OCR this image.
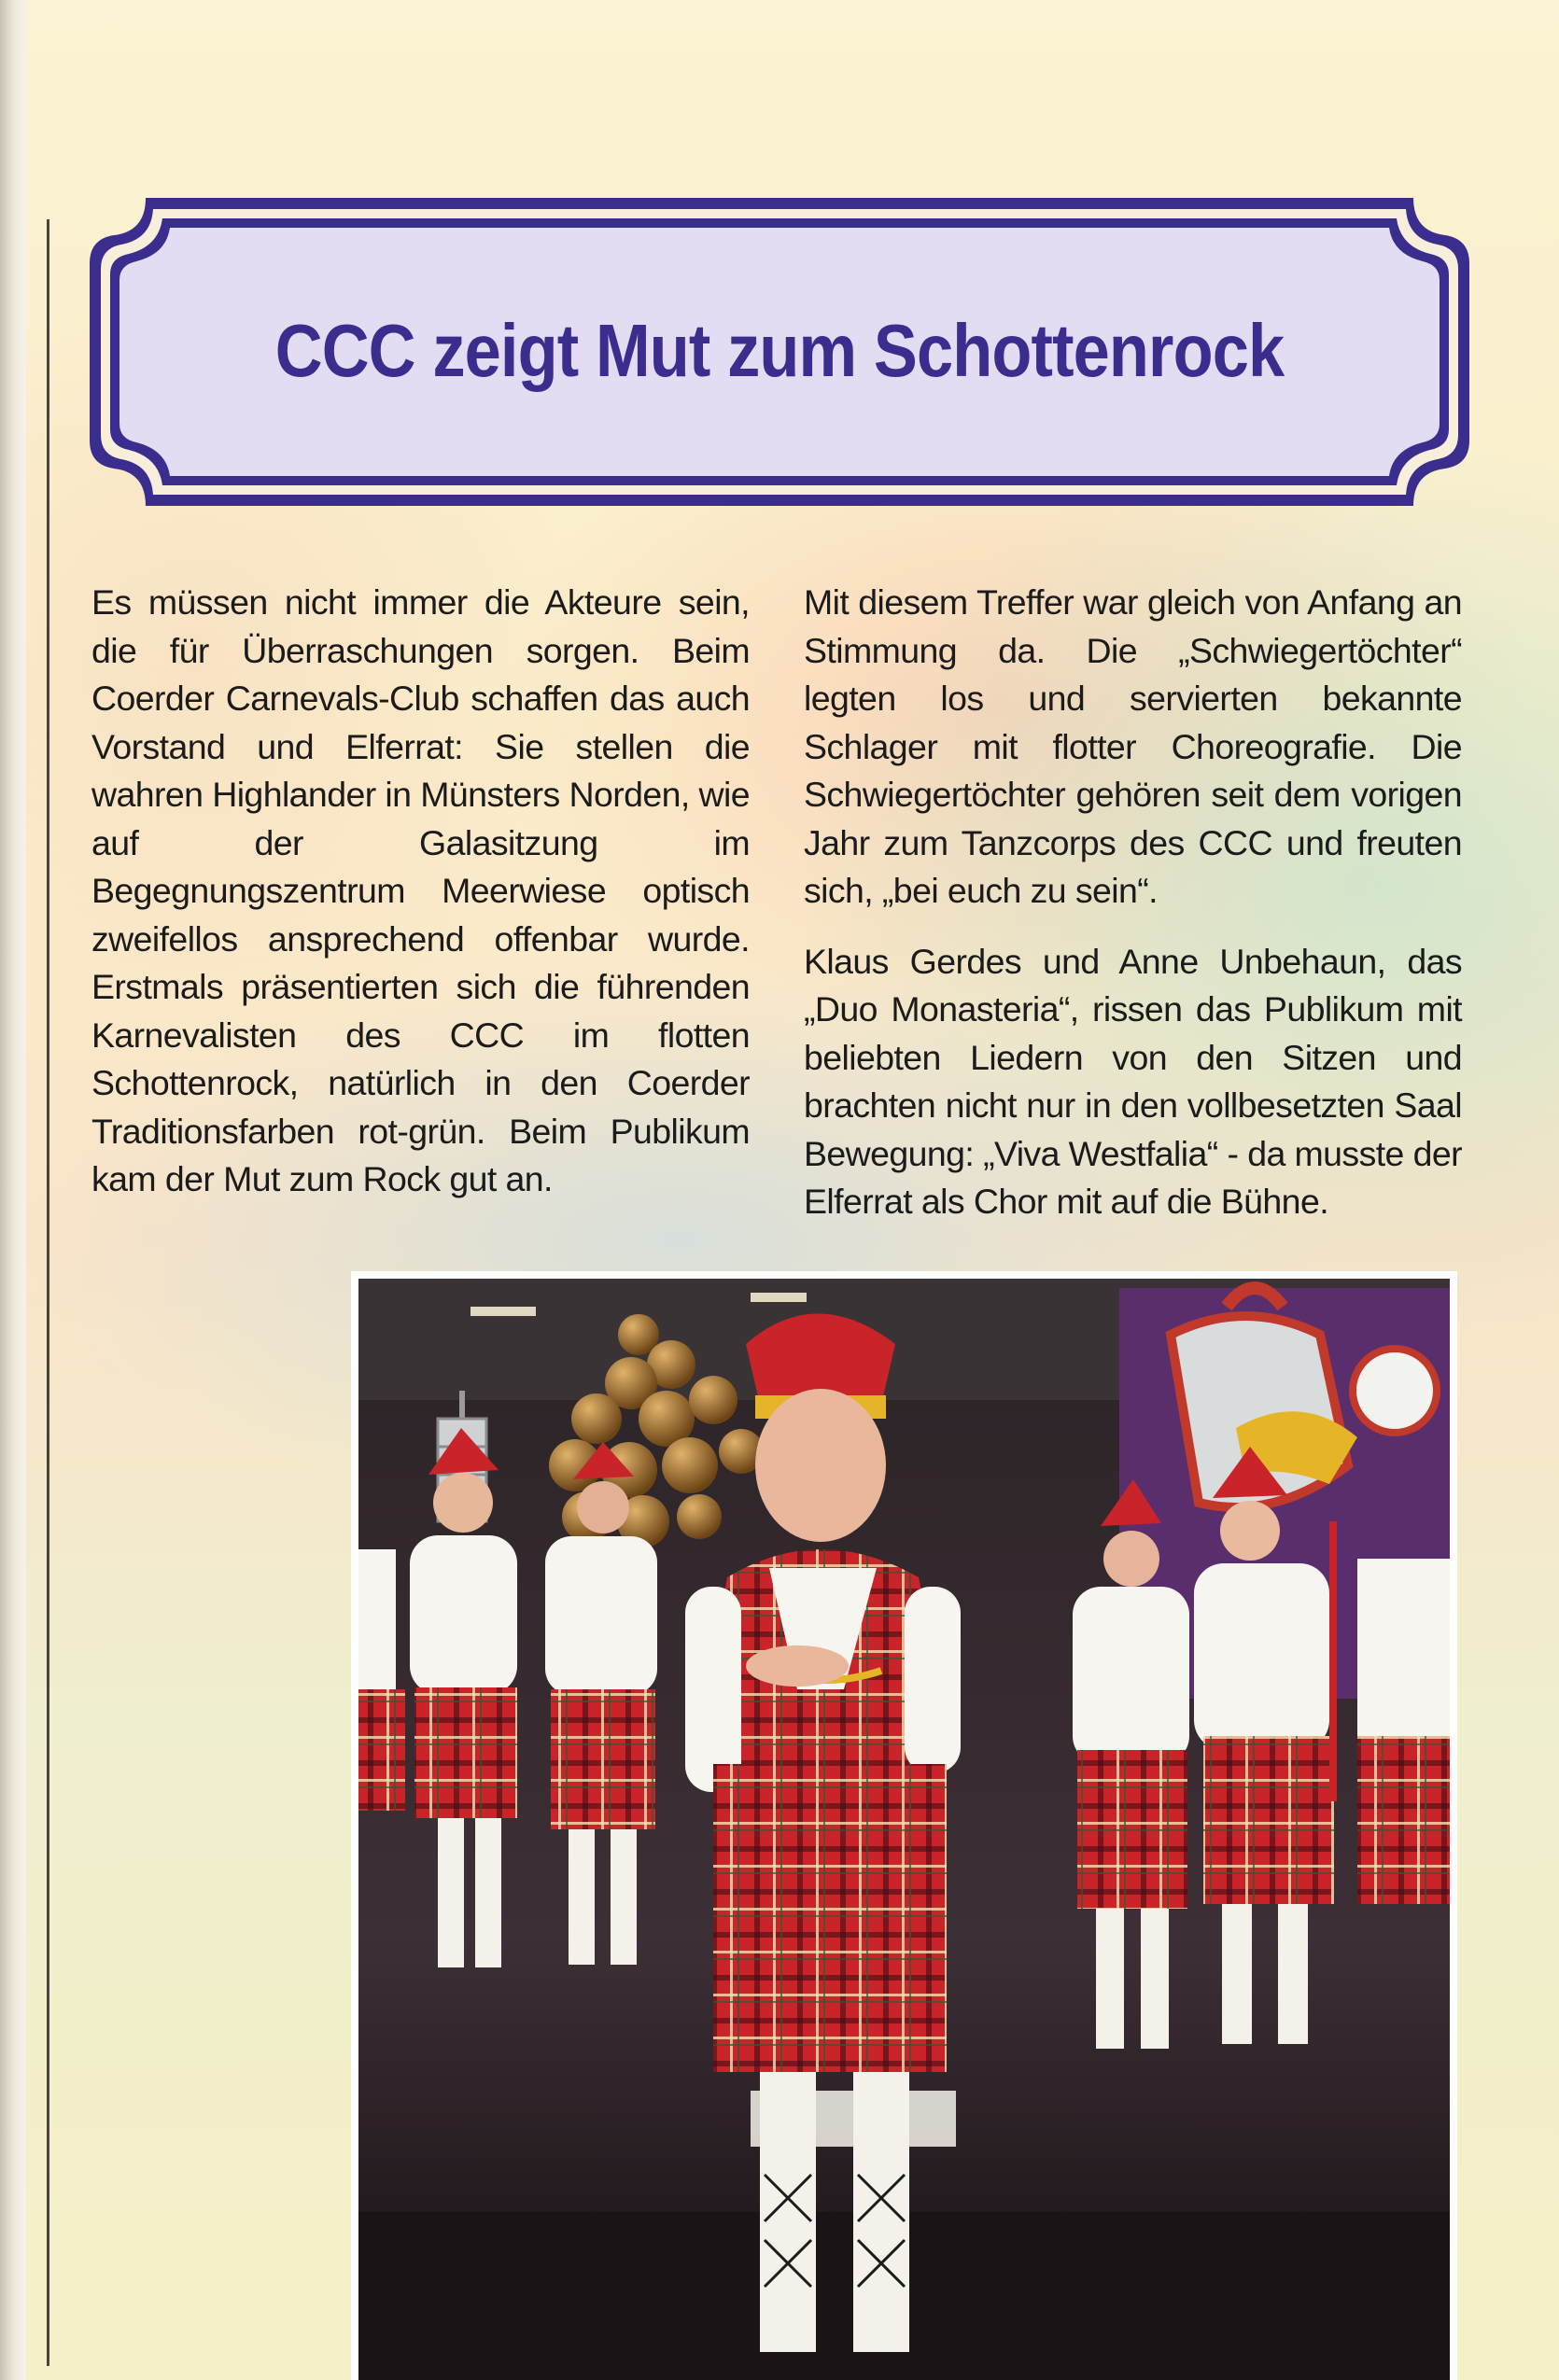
CCC zeigt Mut zum Schottenrock

Es müssen nicht immer die Akteure sein, die für Überraschungen sorgen. Beim Coerder Carnevals-Club schaffen das auch Vorstand und Elferrat: Sie stellen die wahren Highlander in Münsters Norden, wie auf der Galasitzung im Begegnungszentrum Meerwiese optisch zweifellos ansprechend offenbar wurde. Erstmals präsentierten sich die führenden Karnevalisten des CCC im flotten Schottenrock, natürlich in den Coerder Traditionsfarben rot-grün. Beim Publikum kam der Mut zum Rock gut an.

Mit diesem Treffer war gleich von Anfang an Stimmung da. Die „Schwiegertöchter“ legten los und servierten bekannte Schlager mit flotter Choreografie. Die Schwiegertöchter gehören seit dem vorigen Jahr zum Tanzcorps des CCC und freuten sich, „bei euch zu sein“.

Klaus Gerdes und Anne Unbehaun, das „Duo Monasteria“, rissen das Publikum mit beliebten Liedern von den Sitzen und brachten nicht nur in den vollbesetzten Saal Bewegung: „Viva Westfalia“ - da musste der Elferrat als Chor mit auf die Bühne.
